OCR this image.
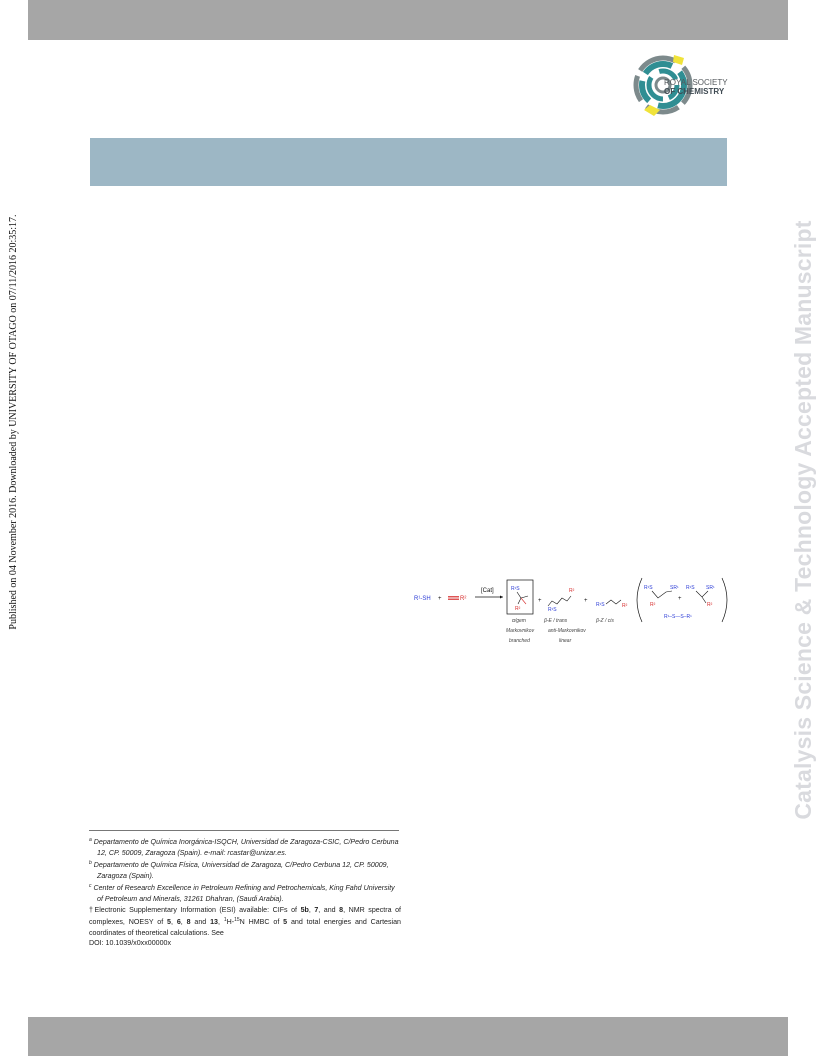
ROYAL SOCIETY
OF CHEMISTRY
Catalysis Science & Technology Accepted Manuscript
Published on 04 November 2016. Downloaded by UNIVERSITY OF OTAGO on 07/11/2016 20:35:17.	R¹-SH +	R²
[Cat]	R¹S
R²
α/gem
Markovnikov
branched
+
R¹S
R²
β-E / trans
anti-Markovnikov
linear
+
R¹S	R²
β-Z / cis
R¹S	SR¹
R²
+
R¹S SR¹
R²
R¹–S—S–R¹

$^a$ Departamento de Química Inorgánica-ISQCH, Universidad de Zaragoza-CSIC, C/Pedro Cerbuna 12, CP. 50009, Zaragoza (Spain). e-mail: rcastar@unizar.es.

$^b$ Departamento de Química Física, Universidad de Zaragoza, C/Pedro Cerbuna 12, CP. 50009, Zaragoza (Spain).

$^c$ Center of Research Excellence in Petroleum Refining and Petrochemicals, King Fahd University of Petroleum and Minerals, 31261 Dhahran, (Saudi Arabia).

†Electronic Supplementary Information (ESI) available: CIFs of 5b, 7, and 8, NMR spectra of complexes, NOESY of 5, 6, 8 and 13, $^1$H-$^{15}$N HMBC of 5 and total energies and Cartesian coordinates of theoretical calculations. See
DOI: 10.1039/x0xx00000x
